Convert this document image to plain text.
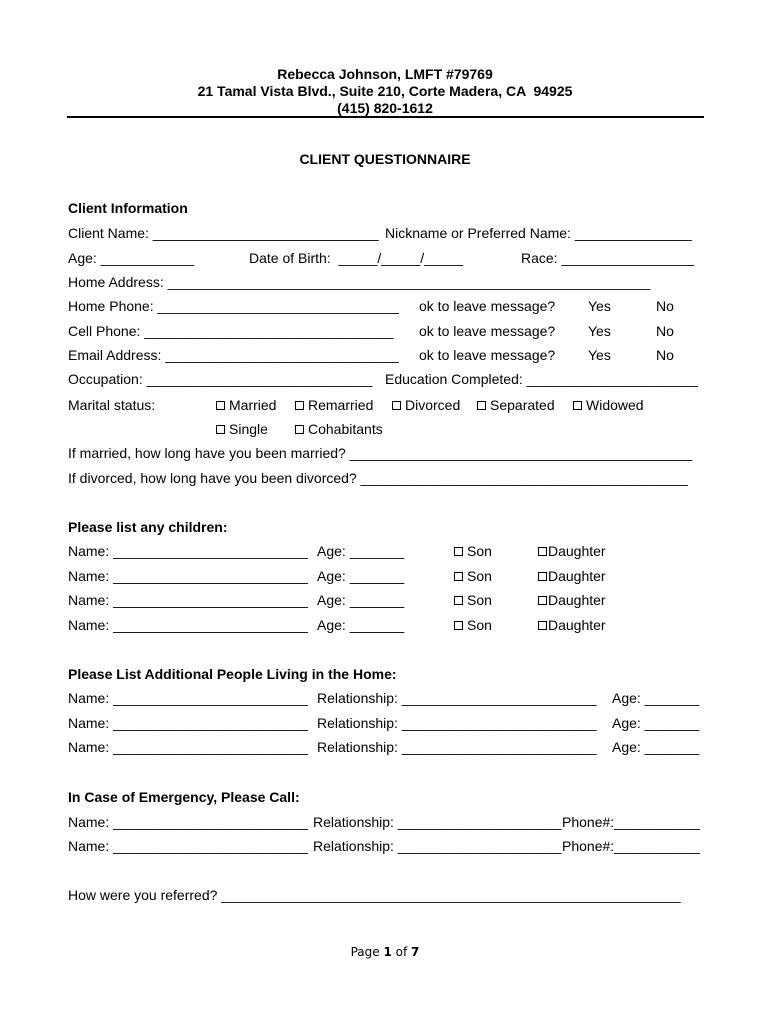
Rebecca Johnson, LMFT #79769
21 Tamal Vista Blvd., Suite 210, Corte Madera, CA  94925
(415) 820-1612
CLIENT QUESTIONNAIRE
Client Information
Client Name: _____________________________ Nickname or Preferred Name: _______________
Age: ____________	Date of Birth:  _____/_____/_____	Race: _________________
Home Address: ______________________________________________________________
Home Phone: _______________________________ ok to leave message? Yes	No
Cell Phone: ________________________________ ok to leave message? Yes	No
Email Address: ______________________________ ok to leave message? Yes	No
Occupation: _____________________________ Education Completed: ______________________
Marital status:	Married	Remarried	Divorced	Separated	Widowed
Single	Cohabitants
If married, how long have you been married? ____________________________________________
If divorced, how long have you been divorced? __________________________________________
Please list any children:
Name: _________________________ Age: _______	Son	Daughter
Name: _________________________ Age: _______	Son	Daughter
Name: _________________________ Age: _______	Son	Daughter
Name: _________________________ Age: _______	Son	Daughter
Please List Additional People Living in the Home:
Name: _________________________ Relationship: _________________________ Age: _______
Name: _________________________ Relationship: _________________________ Age: _______
Name: _________________________ Relationship: _________________________ Age: _______
In Case of Emergency, Please Call:
Name: _________________________ Relationship: _____________________ Phone#:___________
Name: _________________________ Relationship: _____________________ Phone#:___________
How were you referred? ___________________________________________________________
Page 1 of 7
